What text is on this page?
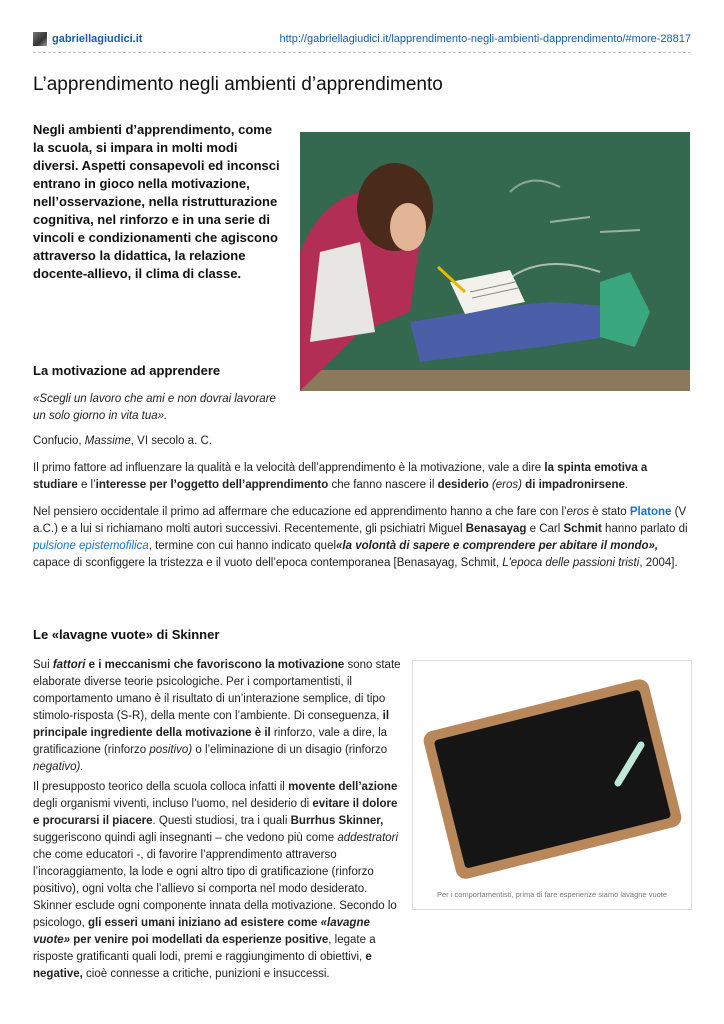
gabriellagiudici.it	http://gabriellagiudici.it/lapprendimento-negli-ambienti-dapprendimento/#more-28817
L’apprendimento negli ambienti d’apprendimento

Negli ambienti d’apprendimento, come la scuola, si impara in molti modi diversi. Aspetti consapevoli ed inconsci entrano in gioco nella motivazione, nell’osservazione, nella ristrutturazione cognitiva, nel rinforzo e in una serie di vincoli e condizionamenti che agiscono attraverso la didattica, la relazione docente-allievo, il clima di classe.

La motivazione ad apprendere

«Scegli un lavoro che ami e non dovrai lavorare un solo giorno in vita tua».

Confucio, Massime, VI secolo a. C.

Il primo fattore ad influenzare la qualità e la velocità dell’apprendimento è la motivazione, vale a dire la spinta emotiva a studiare e l’interesse per l’oggetto dell’apprendimento che fanno nascere il desiderio (eros) di impadronirsene.

Nel pensiero occidentale il primo ad affermare che educazione ed apprendimento hanno a che fare con l’eros è stato Platone (V a.C.) e a lui si richiamano molti autori successivi. Recentemente, gli psichiatri Miguel Benasayag e Carl Schmit hanno parlato di pulsione epistemofilica, termine con cui hanno indicato quel«la volontà di sapere e comprendere per abitare il mondo», capace di sconfiggere la tristezza e il vuoto dell’epoca contemporanea [Benasayag, Schmit, L'epoca delle passioni tristi, 2004].

Le «lavagne vuote» di Skinner

Sui fattori e i meccanismi che favoriscono la motivazione sono state elaborate diverse teorie psicologiche. Per i comportamentisti, il comportamento umano è il risultato di un’interazione semplice, di tipo stimolo-risposta (S-R), della mente con l’ambiente. Di conseguenza, il principale ingrediente della motivazione è il rinforzo, vale a dire, la gratificazione (rinforzo positivo) o l’eliminazione di un disagio (rinforzo negativo).

Il presupposto teorico della scuola colloca infatti il movente dell’azione degli organismi viventi, incluso l’uomo, nel desiderio di evitare il dolore e procurarsi il piacere. Questi studiosi, tra i quali Burrhus Skinner, suggeriscono quindi agli insegnanti – che vedono più come addestratori che come educatori -, di favorire l’apprendimento attraverso l’incoraggiamento, la lode e ogni altro tipo di gratificazione (rinforzo positivo), ogni volta che l’allievo si comporta nel modo desiderato.

Skinner esclude ogni componente innata della motivazione. Secondo lo psicologo, gli esseri umani iniziano ad esistere come «lavagne vuote» per venire poi modellati da esperienze positive, legate a risposte gratificanti quali lodi, premi e raggiungimento di obiettivi, e negative, cioè connesse a critiche, punizioni e insuccessi.

Per i comportamentisti, prima di fare esperienze siamo lavagne vuote
